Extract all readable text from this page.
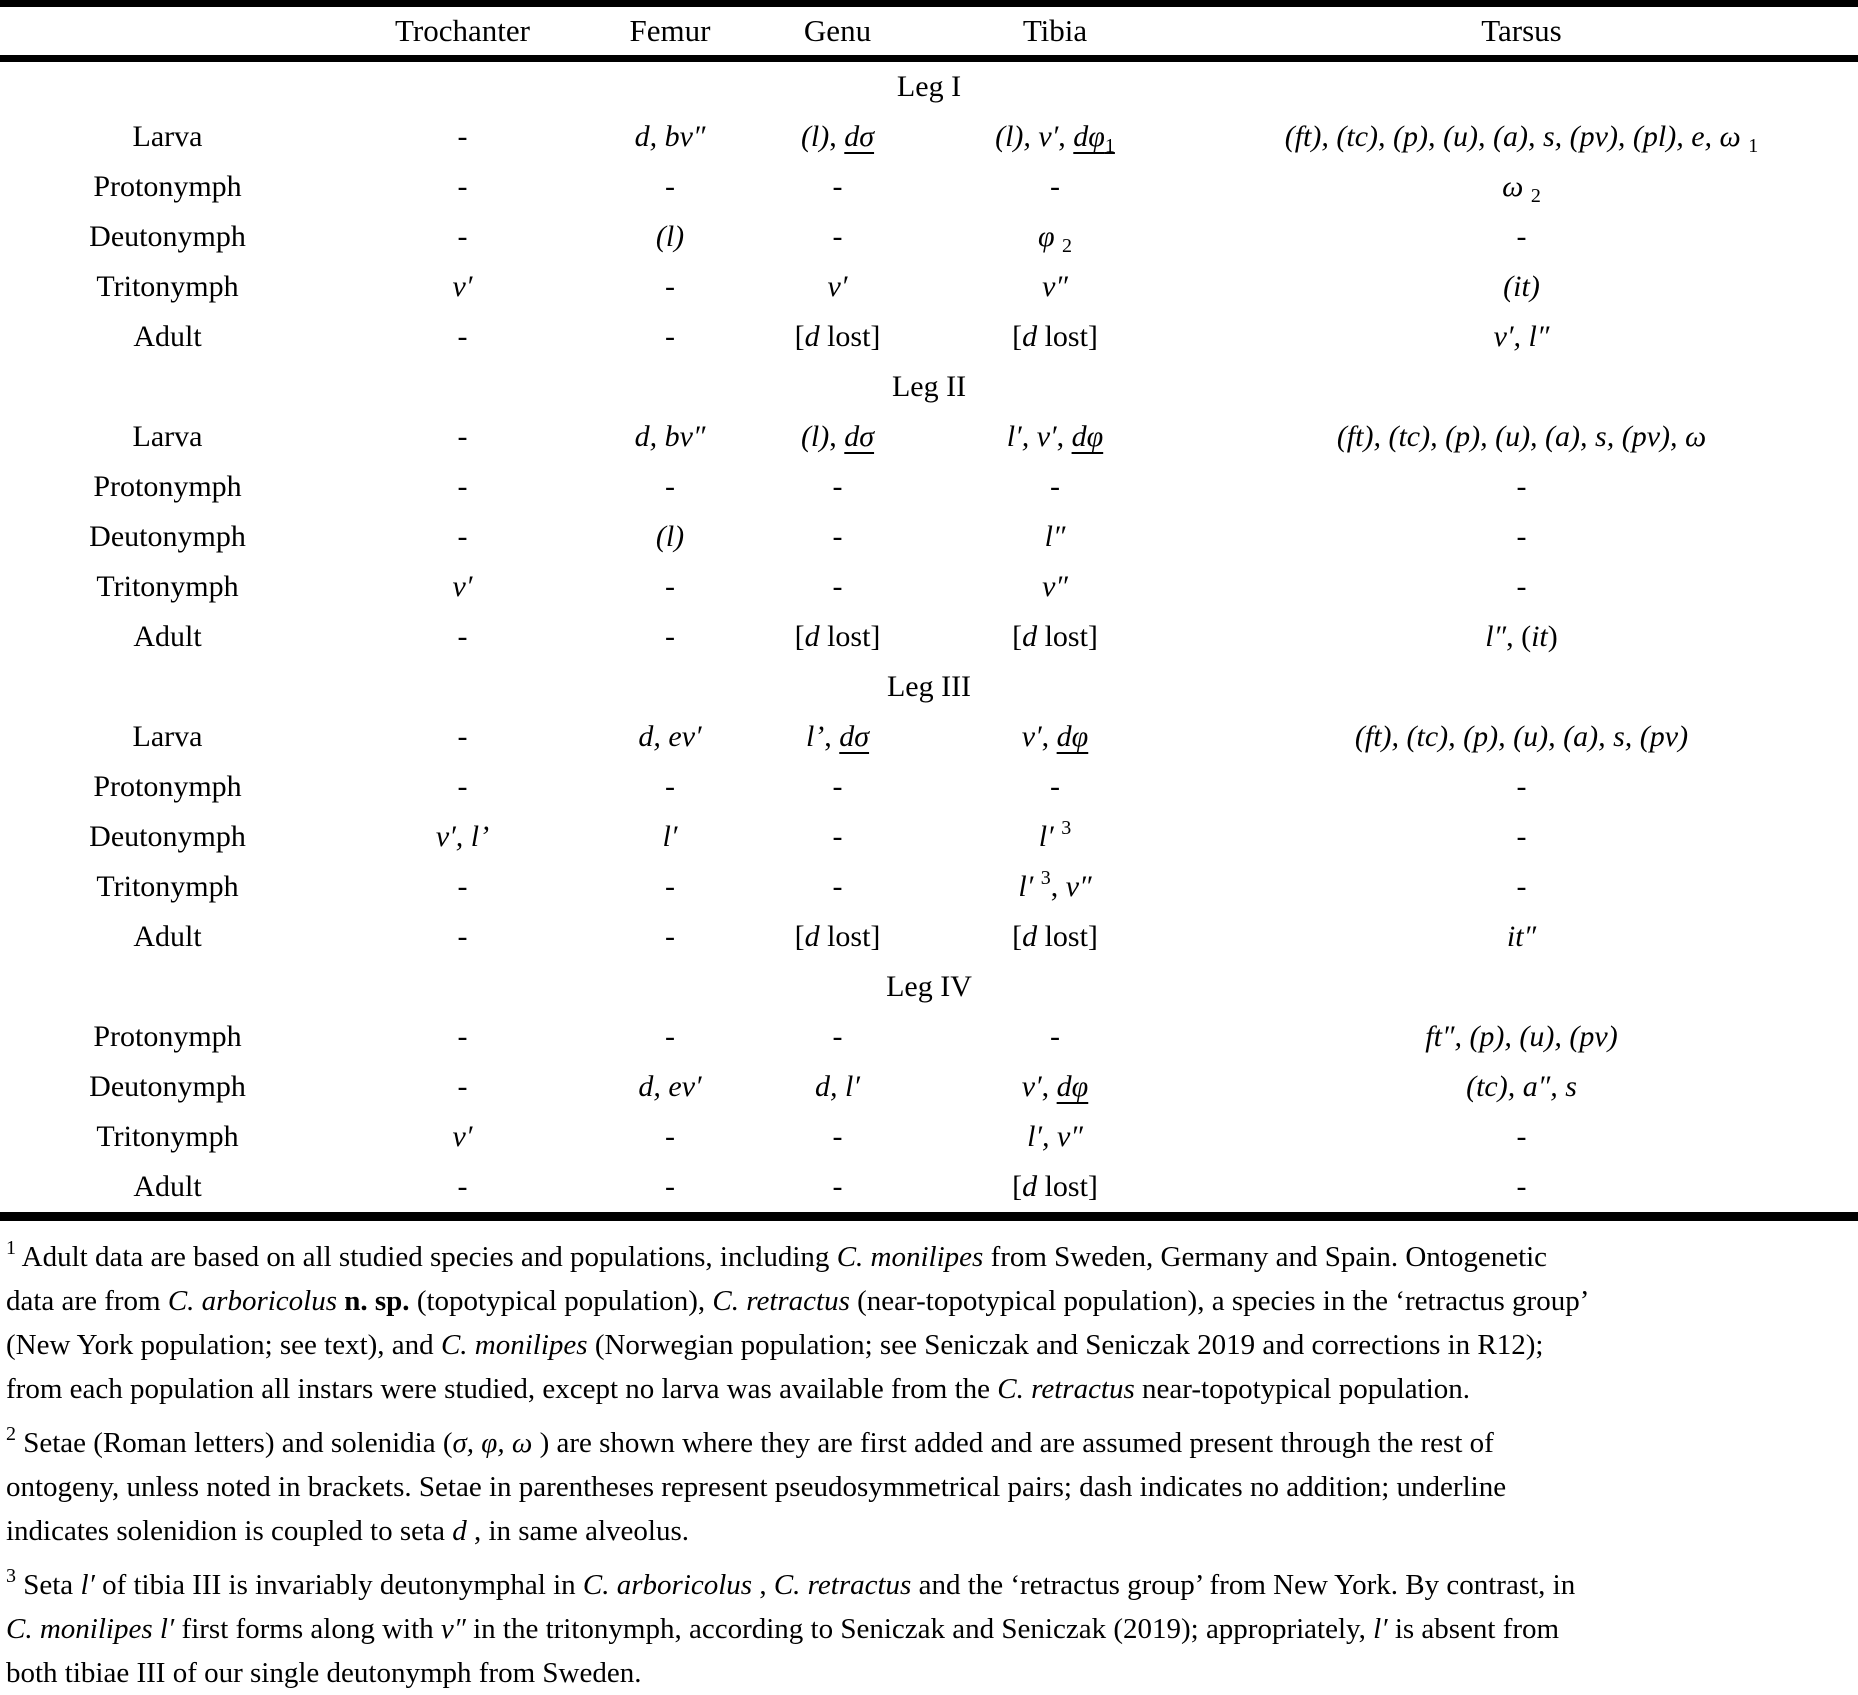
	Trochanter	Femur	Genu	Tibia	Tarsus
Leg I					
Larva	-	d, bv″	(l), dσ	(l), v′, $d\varphi_1$	(ft), (tc), (p), (u), (a), s, (pv), (pl), e, ω $_1$
Protonymph	-	-	-	-	ω $_2$
Deutonymph	-	(l)	-	φ $_2$	-
Tritonymph	v′	-	v′	v″	(it)
Adult	-	-	[d lost]	[d lost]	v′, l″
Leg II					
Larva	-	d, bv″	(l), dσ	l′, v′, dφ	(ft), (tc), (p), (u), (a), s, (pv), ω
Protonymph	-	-	-	-	-
Deutonymph	-	(l)	-	l″	-
Tritonymph	v′	-	-	v″	-
Adult	-	-	[d lost]	[d lost]	l″, (it)
Leg III					
Larva	-	d, ev′	l’, dσ	v′, dφ	(ft), (tc), (p), (u), (a), s, (pv)
Protonymph	-	-	-	-	-
Deutonymph	v′, l’	l′	-	l′ $^3$	-
Tritonymph	-	-	-	l′ $^3$, v″	-
Adult	-	-	[d lost]	[d lost]	it″
Leg IV					
Protonymph	-	-	-	-	ft″, (p), (u), (pv)
Deutonymph	-	d, ev′	d, l′	v′, dφ	(tc), a″, s
Tritonymph	v′	-	-	l′, v″	-
Adult	-	-	-	[d lost]	-
$^1$ Adult data are based on all studied species and populations, including C. monilipes from Sweden, Germany and Spain. Ontogenetic
data are from C. arboricolus n. sp. (topotypical population), C. retractus (near-topotypical population), a species in the ‘retractus group’
(New York population; see text), and C. monilipes (Norwegian population; see Seniczak and Seniczak 2019 and corrections in R12);
from each population all instars were studied, except no larva was available from the C. retractus near-topotypical population.
$^2$ Setae (Roman letters) and solenidia (σ, φ, ω ) are shown where they are first added and are assumed present through the rest of
ontogeny, unless noted in brackets. Setae in parentheses represent pseudosymmetrical pairs; dash indicates no addition; underline
indicates solenidion is coupled to seta d , in same alveolus.
$^3$ Seta l′ of tibia III is invariably deutonymphal in C. arboricolus , C. retractus and the ‘retractus group’ from New York. By contrast, in
C. monilipes l′ first forms along with v″ in the tritonymph, according to Seniczak and Seniczak (2019); appropriately, l′ is absent from
both tibiae III of our single deutonymph from Sweden.
